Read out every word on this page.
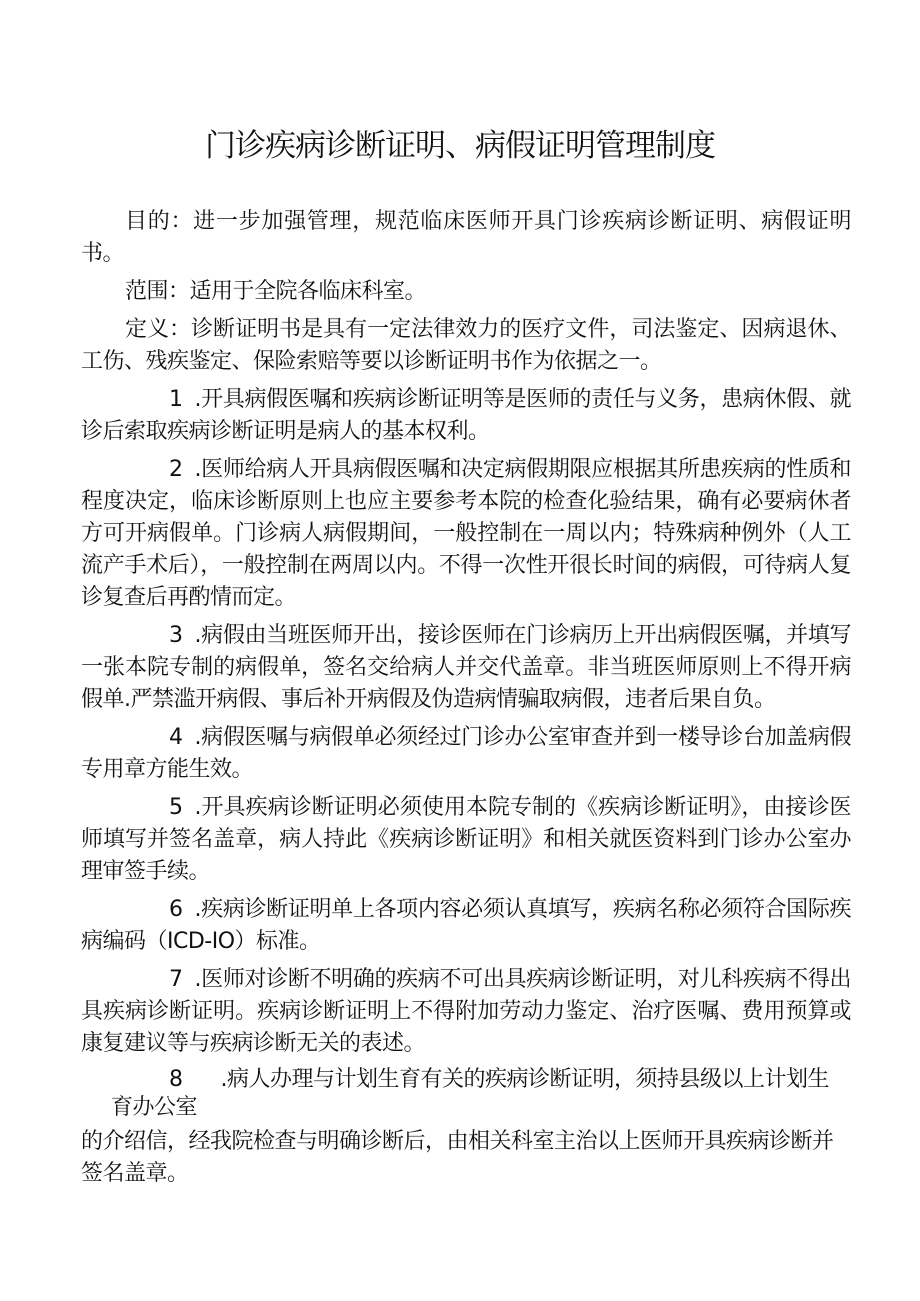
门诊疾病诊断证明、病假证明管理制度

目的：进一步加强管理，规范临床医师开具门诊疾病诊断证明、病假证明书。

范围：适用于全院各临床科室。

定义：诊断证明书是具有一定法律效力的医疗文件，司法鉴定、因病退休、工伤、残疾鉴定、保险索赔等要以诊断证明书作为依据之一。

1 .开具病假医嘱和疾病诊断证明等是医师的责任与义务，患病休假、就诊后索取疾病诊断证明是病人的基本权利。

2 .医师给病人开具病假医嘱和决定病假期限应根据其所患疾病的性质和程度决定，临床诊断原则上也应主要参考本院的检查化验结果，确有必要病休者方可开病假单。门诊病人病假期间，一般控制在一周以内；特殊病种例外（人工流产手术后），一般控制在两周以内。不得一次性开很长时间的病假，可待病人复诊复查后再酌情而定。

3 .病假由当班医师开出，接诊医师在门诊病历上开出病假医嘱，并填写一张本院专制的病假单，签名交给病人并交代盖章。非当班医师原则上不得开病假单.严禁滥开病假、事后补开病假及伪造病情骗取病假，违者后果自负。

4 .病假医嘱与病假单必须经过门诊办公室审查并到一楼导诊台加盖病假专用章方能生效。

5 .开具疾病诊断证明必须使用本院专制的《疾病诊断证明》，由接诊医师填写并签名盖章，病人持此《疾病诊断证明》和相关就医资料到门诊办公室办理审签手续。

6 .疾病诊断证明单上各项内容必须认真填写，疾病名称必须符合国际疾病编码（ICD-IO）标准。

7 .医师对诊断不明确的疾病不可出具疾病诊断证明，对儿科疾病不得出具疾病诊断证明。疾病诊断证明上不得附加劳动力鉴定、治疗医嘱、费用预算或康复建议等与疾病诊断无关的表述。

8 .病人办理与计划生育有关的疾病诊断证明，须持县级以上计划生

育办公室

的介绍信，经我院检查与明确诊断后，由相关科室主治以上医师开具疾病诊断并签名盖章。
